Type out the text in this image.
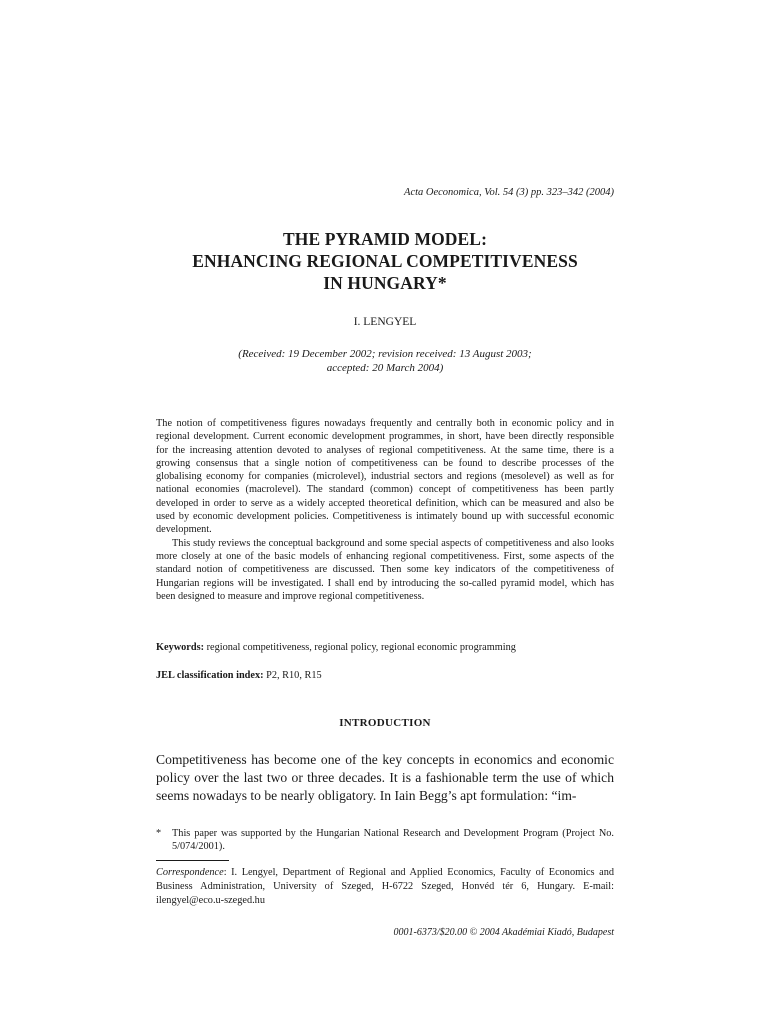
Acta Oeconomica, Vol. 54 (3) pp. 323–342 (2004)
THE PYRAMID MODEL:
ENHANCING REGIONAL COMPETITIVENESS
IN HUNGARY*
I. LENGYEL
(Received: 19 December 2002; revision received: 13 August 2003;
accepted: 20 March 2004)

The notion of competitiveness figures nowadays frequently and centrally both in economic policy and in regional development. Current economic development programmes, in short, have been directly responsible for the increasing attention devoted to analyses of regional competitiveness. At the same time, there is a growing consensus that a single notion of competitiveness can be found to describe processes of the globalising economy for companies (microlevel), industrial sectors and regions (mesolevel) as well as for national economies (macrolevel). The standard (common) concept of competitiveness has been partly developed in order to serve as a widely accepted theoretical definition, which can be measured and also be used by economic development policies. Competitiveness is intimately bound up with successful economic development.

This study reviews the conceptual background and some special aspects of competitiveness and also looks more closely at one of the basic models of enhancing regional competitiveness. First, some aspects of the standard notion of competitiveness are discussed. Then some key indicators of the competitiveness of Hungarian regions will be investigated. I shall end by introducing the so-called pyramid model, which has been designed to measure and improve regional competitiveness.

Keywords: regional competitiveness, regional policy, regional economic programming
JEL classification index: P2, R10, R15
INTRODUCTION

Competitiveness has become one of the key concepts in economics and economic policy over the last two or three decades. It is a fashionable term the use of which seems nowadays to be nearly obligatory. In Iain Begg’s apt formulation: “im-

*	This paper was supported by the Hungarian National Research and Development Program (Project No. 5/074/2001).
Correspondence: I. Lengyel, Department of Regional and Applied Economics, Faculty of Economics and Business Administration, University of Szeged, H-6722 Szeged, Honvéd tér 6, Hungary. E-mail: ilengyel@eco.u-szeged.hu
0001-6373/$20.00 © 2004 Akadémiai Kiadó, Budapest
